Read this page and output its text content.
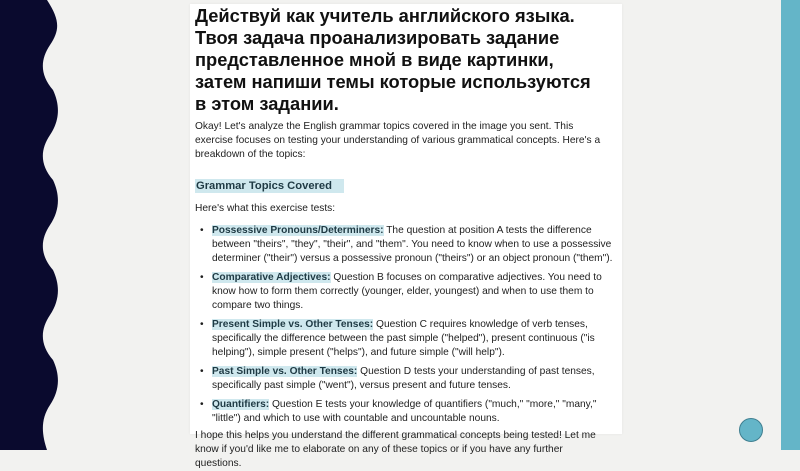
Действуй как учитель английского языка. Твоя задача проанализировать задание представленное мной в виде картинки, затем напиши темы которые используются в этом задании.

Okay! Let's analyze the English grammar topics covered in the image you sent. This exercise focuses on testing your understanding of various grammatical concepts. Here's a breakdown of the topics:

Grammar Topics Covered

Here's what this exercise tests:

• Possessive Pronouns/Determiners: The question at position A tests the difference between "theirs", "they", "their", and "them". You need to know when to use a possessive determiner ("their") versus a possessive pronoun ("theirs") or an object pronoun ("them").
• Comparative Adjectives: Question B focuses on comparative adjectives. You need to know how to form them correctly (younger, elder, youngest) and when to use them to compare two things.
• Present Simple vs. Other Tenses: Question C requires knowledge of verb tenses, specifically the difference between the past simple ("helped"), present continuous ("is helping"), simple present ("helps"), and future simple ("will help").
• Past Simple vs. Other Tenses: Question D tests your understanding of past tenses, specifically past simple ("went"), versus present and future tenses.
• Quantifiers: Question E tests your knowledge of quantifiers ("much," "more," "many," "little") and which to use with countable and uncountable nouns.

I hope this helps you understand the different grammatical concepts being tested! Let me know if you'd like me to elaborate on any of these topics or if you have any further questions.
